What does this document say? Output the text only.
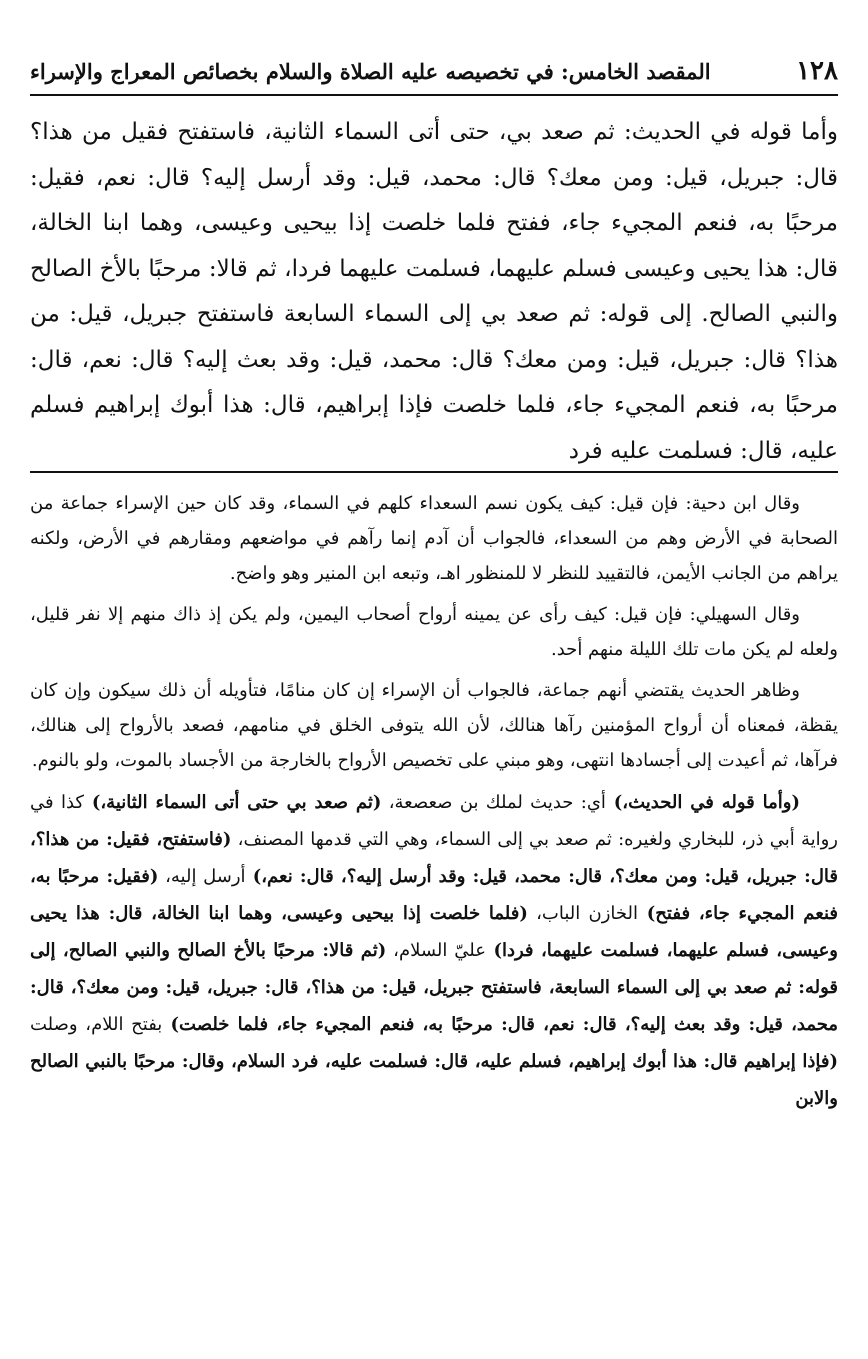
١٢٨
المقصد الخامس: في تخصيصه عليه الصلاة والسلام بخصائص المعراج والإسراء

وأما قوله في الحديث: ثم صعد بي، حتى أتى السماء الثانية، فاستفتح فقيل من هذا؟ قال: جبريل، قيل: ومن معك؟ قال: محمد، قيل: وقد أرسل إليه؟ قال: نعم، فقيل: مرحبًا به، فنعم المجيء جاء، ففتح فلما خلصت إذا بيحيى وعيسى، وهما ابنا الخالة، قال: هذا يحيى وعيسى فسلم عليهما، فسلمت عليهما فردا، ثم قالا: مرحبًا بالأخ الصالح والنبي الصالح. إلى قوله: ثم صعد بي إلى السماء السابعة فاستفتح جبريل، قيل: من هذا؟ قال: جبريل، قيل: ومن معك؟ قال: محمد، قيل: وقد بعث إليه؟ قال: نعم، قال: مرحبًا به، فنعم المجيء جاء، فلما خلصت فإذا إبراهيم، قال: هذا أبوك إبراهيم فسلم عليه، قال: فسلمت عليه فرد

وقال ابن دحية: فإن قيل: كيف يكون نسم السعداء كلهم في السماء، وقد كان حين الإسراء جماعة من الصحابة في الأرض وهم من السعداء، فالجواب أن آدم إنما رآهم في مواضعهم ومقارهم في الأرض، ولكنه يراهم من الجانب الأيمن، فالتقييد للنظر لا للمنظور اهـ، وتبعه ابن المنير وهو واضح.

وقال السهيلي: فإن قيل: كيف رأى عن يمينه أرواح أصحاب اليمين، ولم يكن إذ ذاك منهم إلا نفر قليل، ولعله لم يكن مات تلك الليلة منهم أحد.

وظاهر الحديث يقتضي أنهم جماعة، فالجواب أن الإسراء إن كان منامًا، فتأويله أن ذلك سيكون وإن كان يقظة، فمعناه أن أرواح المؤمنين رآها هنالك، لأن الله يتوفى الخلق في منامهم، فصعد بالأرواح إلى هنالك، فرآها، ثم أعيدت إلى أجسادها انتهى، وهو مبني على تخصيص الأرواح بالخارجة من الأجساد بالموت، ولو بالنوم.

(وأما قوله في الحديث،) أي: حديث لملك بن صعصعة، (ثم صعد بي حتى أتى السماء الثانية،) كذا في رواية أبي ذر، للبخاري ولغيره: ثم صعد بي إلى السماء، وهي التي قدمها المصنف، (فاستفتح، فقيل: من هذا؟، قال: جبريل، قيل: ومن معك؟، قال: محمد، قيل: وقد أرسل إليه؟، قال: نعم،) أرسل إليه، (فقيل: مرحبًا به، فنعم المجيء جاء، ففتح) الخازن الباب، (فلما خلصت إذا بيحيى وعيسى، وهما ابنا الخالة، قال: هذا يحيى وعيسى، فسلم عليهما، فسلمت عليهما، فردا) عليّ السلام، (ثم قالا: مرحبًا بالأخ الصالح والنبي الصالح، إلى قوله: ثم صعد بي إلى السماء السابعة، فاستفتح جبريل، قيل: من هذا؟، قال: جبريل، قيل: ومن معك؟، قال: محمد، قيل: وقد بعث إليه؟، قال: نعم، قال: مرحبًا به، فنعم المجيء جاء، فلما خلصت) بفتح اللام، وصلت (فإذا إبراهيم قال: هذا أبوك إبراهيم، فسلم عليه، قال: فسلمت عليه، فرد السلام، وقال: مرحبًا بالنبي الصالح والابن
